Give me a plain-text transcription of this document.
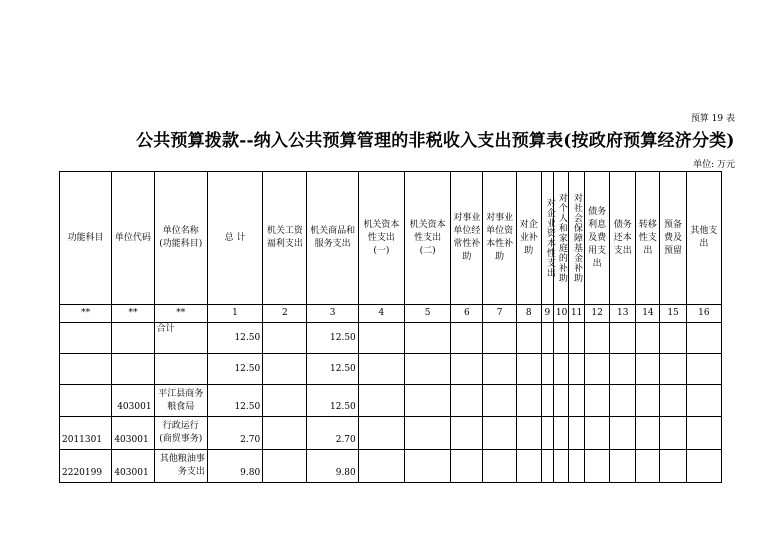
预算 19 表
公共预算拨款--纳入公共预算管理的非税收入支出预算表(按政府预算经济分类)
单位: 万元
功能科目	单位代码	单位名称(功能科目)	总 计	机关工资福利支出	机关商品和服务支出	机关资本性支出(一)	机关资本性支出(二)	对事业单位经常性补助	对事业单位资本性补助	对企业补助	对企业资本性支出	对个人和家庭的补助	对社会保障基金补助	债务利息及费用支出	债务还本支出	转移性支出	预备费及预留	其他支出
**	**	**	1	2	3	4	5	6	7	8	9	10	11	12	13	14	15	16
		合计	12.50		12.50													
			12.50		12.50													
	403001	平江县商务粮食局	12.50		12.50													
2011301	403001	行政运行(商贸事务)	2.70		2.70													
2220199	403001	其他粮油事务支出	9.80		9.80													
